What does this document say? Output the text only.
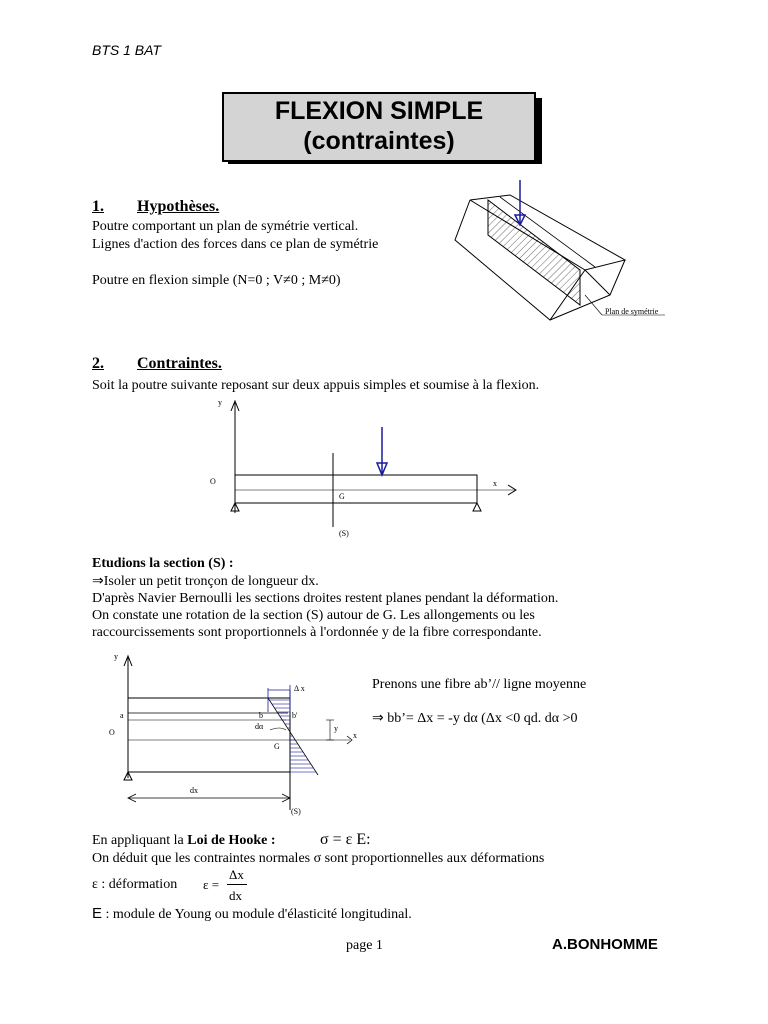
BTS 1 BAT
FLEXION SIMPLE
(contraintes)
1. Hypothèses.
Poutre comportant un plan de symétrie vertical.
Lignes d'action des forces dans ce plan de symétrie
Poutre en flexion simple (N=0 ; V≠0 ; M≠0)
Plan de symétrie
2. Contraintes.
Soit la poutre suivante reposant sur deux appuis simples et soumise à la flexion.
y
O	x
G
(S)
Etudions la section (S) :
⇒Isoler un petit tronçon de longueur dx.
D'après Navier Bernoulli les sections droites restent planes pendant la déformation.
On constate une rotation de la section (S) autour de G. Les allongements ou les
raccourcissements sont proportionnels à l'ordonnée y de la fibre correspondante.
y
Δ x
a	b	b'
dα
O	y
x
G
dx
(S)
Prenons une fibre ab’// ligne moyenne
⇒ bb’= Δx = -y dα (Δx <0 qd. dα >0
En appliquant la Loi de Hooke :	σ = ε E:
On déduit que les contraintes normales σ sont proportionnelles aux déformations
ε : déformation ε =
Δx
dx
E : module de Young ou module d'élasticité longitudinal.
page 1	A.BONHOMME
